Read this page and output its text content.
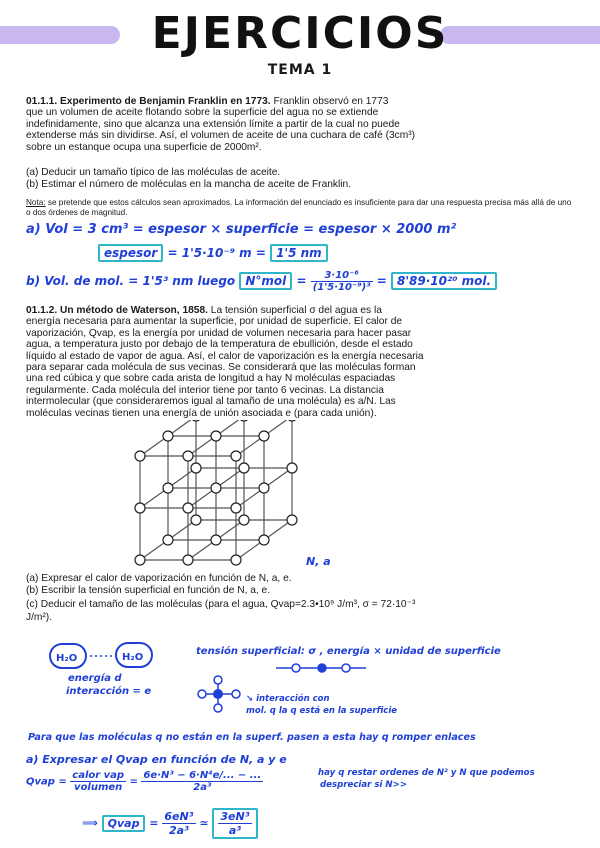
EJERCICIOS
TEMA 1
01.1.1. Experimento de Benjamin Franklin en 1773. Franklin observó en 1773
que un volumen de aceite flotando sobre la superficie del agua no se extiende
indefinidamente, sino que alcanza una extensión límite a partir de la cual no puede
extenderse más sin dividirse. Así, el volumen de aceite de una cuchara de café (3cm³)
sobre un estanque ocupa una superficie de 2000m².
(a) Deducir un tamaño típico de las moléculas de aceite.
(b) Estimar el número de moléculas en la mancha de aceite de Franklin.
Nota: se pretende que estos cálculos sean aproximados. La información del enunciado es insuficiente para dar una respuesta precisa más allá de uno o dos órdenes de magnitud.
a) Vol = 3 cm³ = espesor × superficie = espesor × 2000 m²
espesor = 1'5·10⁻⁹ m = 1'5 nm
b) Vol. de mol. = 1'5³ nm luego $N^\circ mol = \frac{\text{3·10⁻⁶}}{\text{(1'5·10⁻⁹)³}} = 8'89\cdot 10^{20}$ mol.
01.1.2. Un método de Waterson, 1858. La tensión superficial σ del agua es la
energía necesaria para aumentar la superficie, por unidad de superficie. El calor de
vaporización, Qvap, es la energía por unidad de volumen necesaria para hacer pasar
agua, a temperatura justo por debajo de la temperatura de ebullición, desde el estado
líquido al estado de vapor de agua. Así, el calor de vaporización es la energía necesaria
para separar cada molécula de sus vecinas. Se considerará que las moléculas forman
una red cúbica y que sobre cada arista de longitud a hay N moléculas espaciadas
regularmente. Cada molécula del interior tiene por tanto 6 vecinas. La distancia
intermolecular (que consideraremos igual al tamaño de una molécula) es a/N. Las
moléculas vecinas tienen una energía de unión asociada e (para cada unión).
N, a
(a) Expresar el calor de vaporización en función de N, a, e.
(b) Escribir la tensión superficial en función de N, a, e.
(c) Deducir el tamaño de las moléculas (para el agua, Qvap=2.3•10⁹ J/m³, σ = 72·10⁻³
J/m²).
H₂O	H₂O
energía d
interacción = e
tensión superficial: σ , energía × unidad de superficie
↘ interacción con
mol. q la q está en la superficie
Para que las moléculas q no están en la superf. pasen a esta hay q romper enlaces
a) Expresar el Qvap en función de N, a y e
Qvap = $\frac{\text{calor vap}}{\text{volumen}} = \frac{\text{6e·N³ − 6·N⁴e/... − ...}}{\text{2a³}}$	hay q restar ordenes de N² y N que podemos
despreciar si N>>
⟹ Qvap = $\frac{\text{6eN³}}{\text{2a³}}$ ≃ $\frac{\text{3eN³}}{\text{a³}}$
